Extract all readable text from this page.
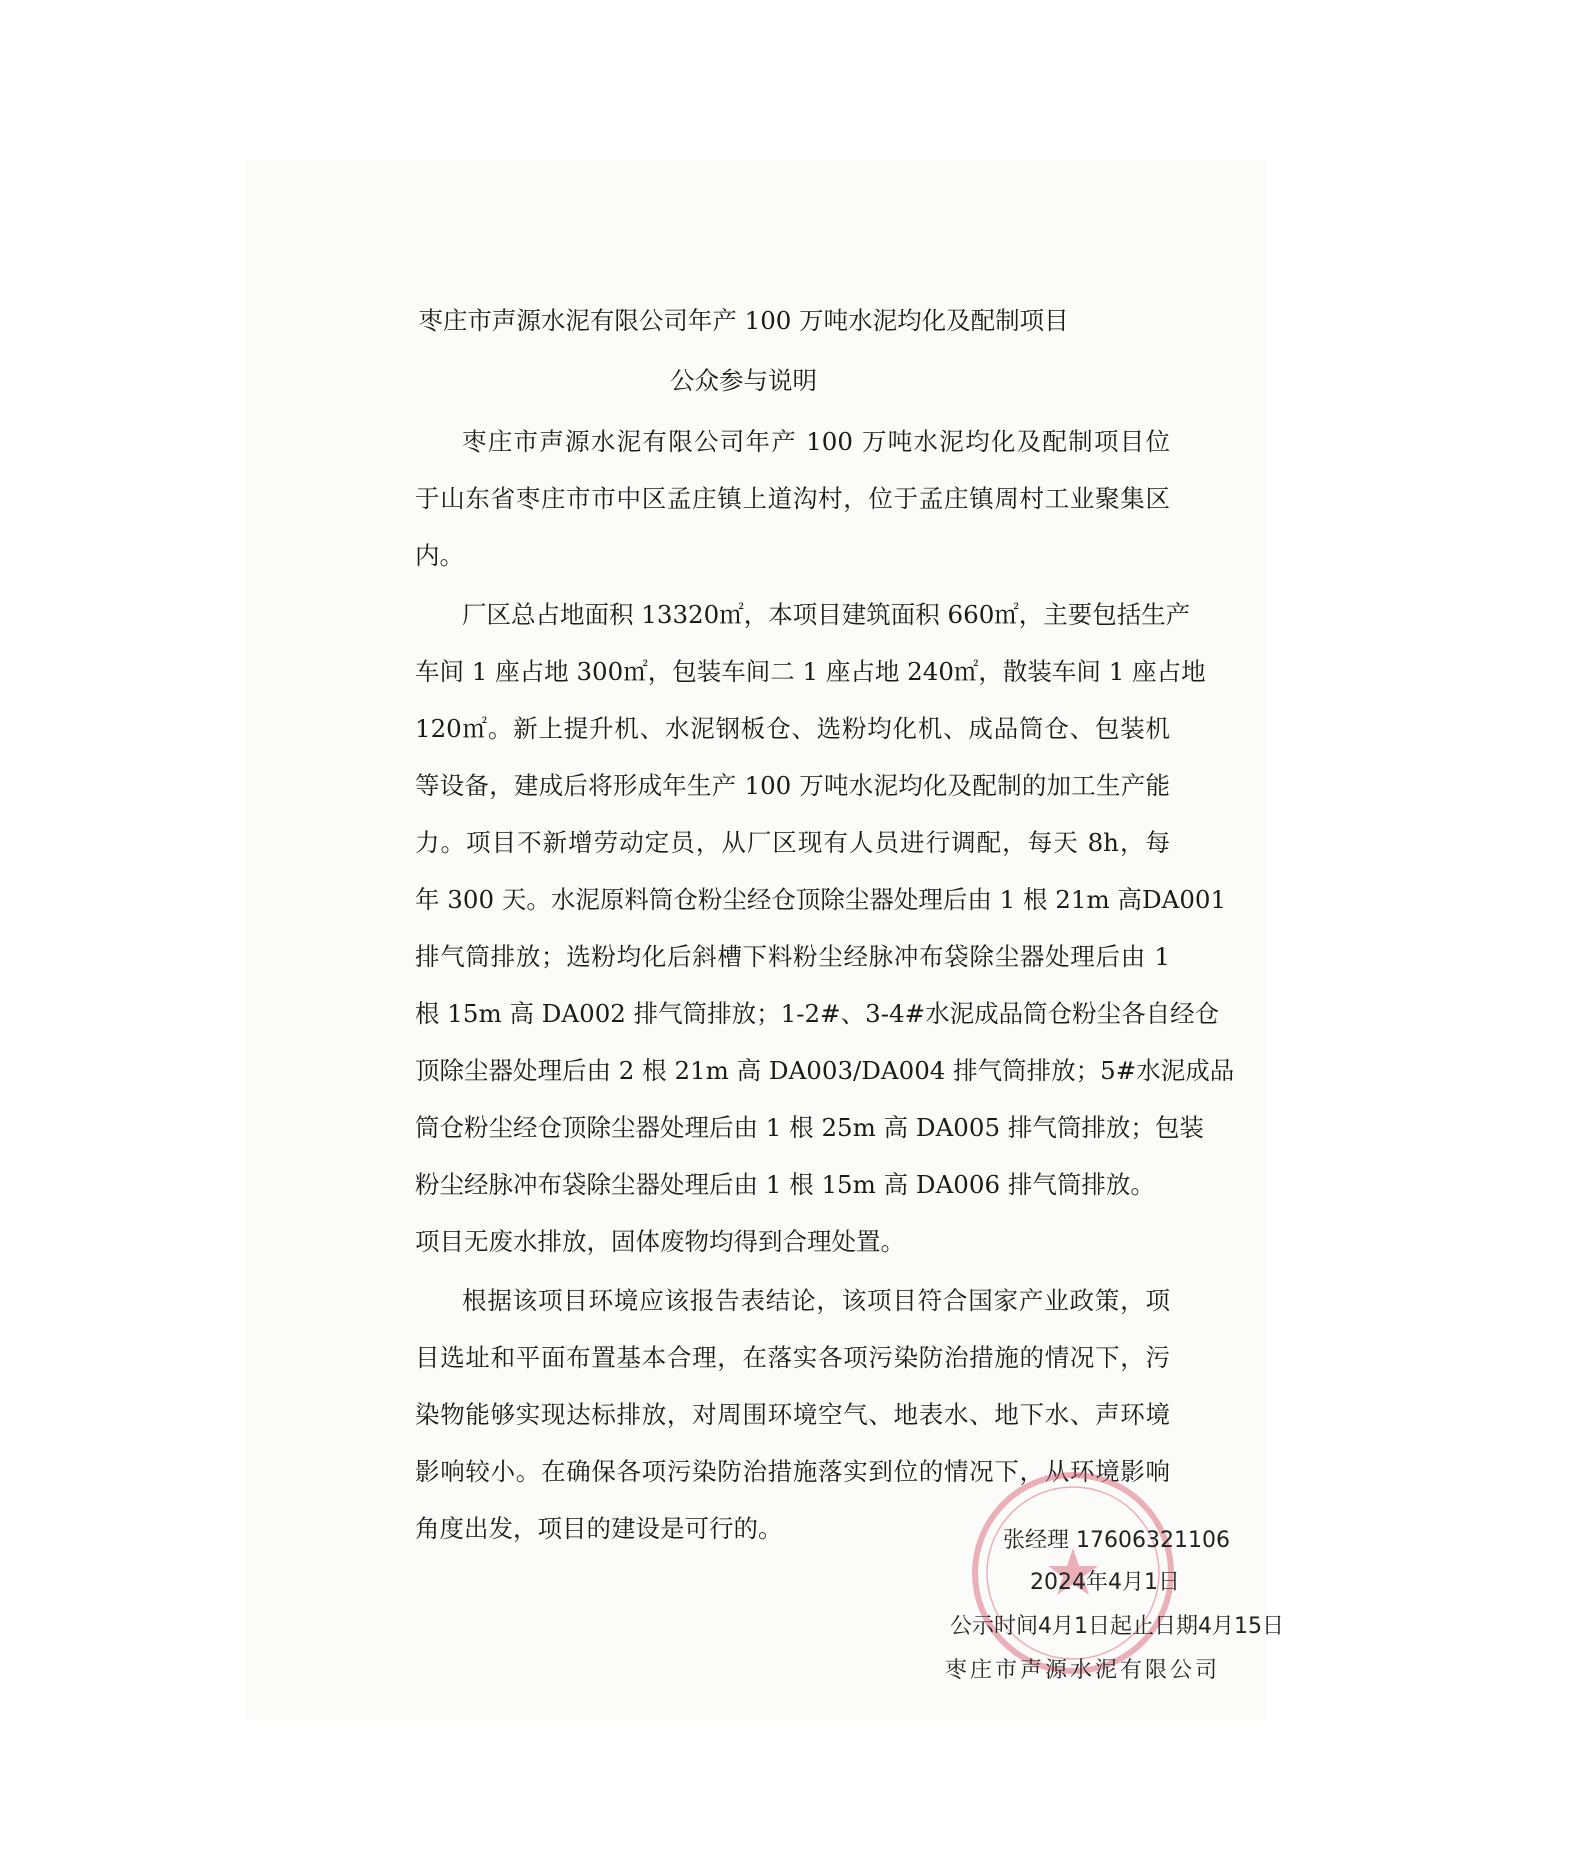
枣庄市声源水泥有限公司年产 100 万吨水泥均化及配制项目
公众参与说明
枣庄市声源水泥有限公司年产 100 万吨水泥均化及配制项目位
于山东省枣庄市市中区孟庄镇上道沟村，位于孟庄镇周村工业聚集区
内。
厂区总占地面积 13320㎡，本项目建筑面积 660㎡，主要包括生产
车间 1 座占地 300㎡，包装车间二 1 座占地 240㎡，散装车间 1 座占地
120㎡。新上提升机、水泥钢板仓、选粉均化机、成品筒仓、包装机
等设备，建成后将形成年生产 100 万吨水泥均化及配制的加工生产能
力。项目不新增劳动定员，从厂区现有人员进行调配，每天 8h，每
年 300 天。水泥原料筒仓粉尘经仓顶除尘器处理后由 1 根 21m 高DA001
排气筒排放；选粉均化后斜槽下料粉尘经脉冲布袋除尘器处理后由 1
根 15m 高 DA002 排气筒排放；1-2#、3-4#水泥成品筒仓粉尘各自经仓
顶除尘器处理后由 2 根 21m 高 DA003/DA004 排气筒排放；5#水泥成品
筒仓粉尘经仓顶除尘器处理后由 1 根 25m 高 DA005 排气筒排放；包装
粉尘经脉冲布袋除尘器处理后由 1 根 15m 高 DA006 排气筒排放。
项目无废水排放，固体废物均得到合理处置。
根据该项目环境应该报告表结论，该项目符合国家产业政策，项
目选址和平面布置基本合理，在落实各项污染防治措施的情况下，污
染物能够实现达标排放，对周围环境空气、地表水、地下水、声环境
影响较小。在确保各项污染防治措施落实到位的情况下，从环境影响
角度出发，项目的建设是可行的。	张经理 17606321106
2024年4月1日
公示时间4月1日起止日期4月15日
枣庄市声源水泥有限公司
